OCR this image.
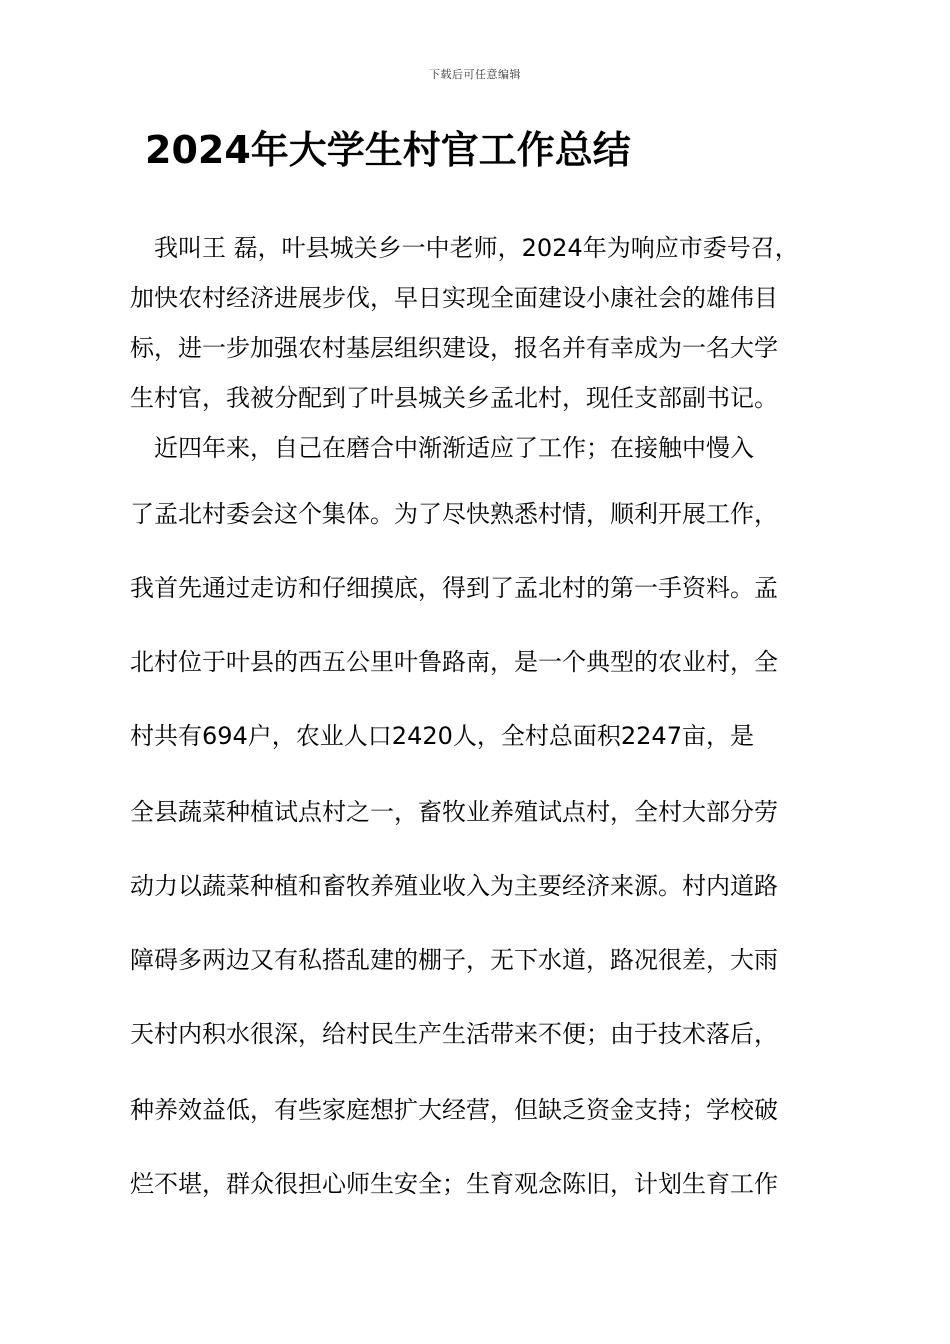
下载后可任意编辑
2024年大学生村官工作总结

　我叫王 磊，叶县城关乡一中老师，2024年为响应市委号召，

加快农村经济进展步伐，早日实现全面建设小康社会的雄伟目

标，进一步加强农村基层组织建设，报名并有幸成为一名大学

生村官，我被分配到了叶县城关乡孟北村，现任支部副书记。

　近四年来，自己在磨合中渐渐适应了工作；在接触中慢入

了孟北村委会这个集体。为了尽快熟悉村情，顺利开展工作，

我首先通过走访和仔细摸底，得到了孟北村的第一手资料。孟

北村位于叶县的西五公里叶鲁路南，是一个典型的农业村，全

村共有694户，农业人口2420人，全村总面积2247亩，是

全县蔬菜种植试点村之一，畜牧业养殖试点村，全村大部分劳

动力以蔬菜种植和畜牧养殖业收入为主要经济来源。村内道路

障碍多两边又有私搭乱建的棚子，无下水道，路况很差，大雨

天村内积水很深，给村民生产生活带来不便；由于技术落后，

种养效益低，有些家庭想扩大经营，但缺乏资金支持；学校破

烂不堪，群众很担心师生安全；生育观念陈旧，计划生育工作
